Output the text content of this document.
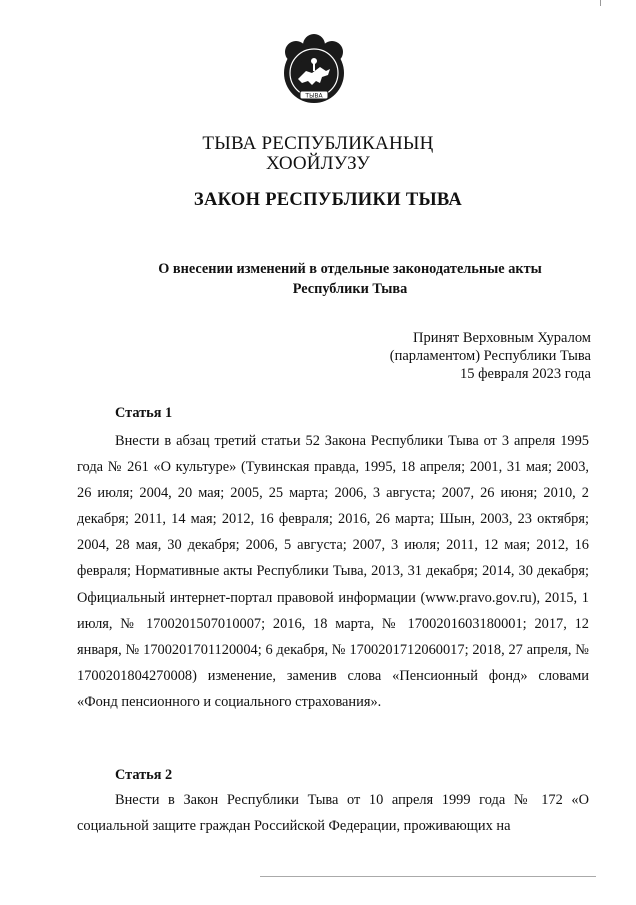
ТЫВА
ТЫВА РЕСПУБЛИКАНЫҢ
ХООЙЛУЗУ
ЗАКОН РЕСПУБЛИКИ ТЫВА
О внесении изменений в отдельные законодательные акты
Республики Тыва
Принят Верховным Хуралом
(парламентом) Республики Тыва
15 февраля 2023 года
Статья 1

Внести в абзац третий статьи 52 Закона Республики Тыва от 3 апреля 1995 года № 261 «О культуре» (Тувинская правда, 1995, 18 апреля; 2001, 31 мая; 2003, 26 июля; 2004, 20 мая; 2005, 25 марта; 2006, 3 августа; 2007, 26 июня; 2010, 2 декабря; 2011, 14 мая; 2012, 16 февраля; 2016, 26 марта; Шын, 2003, 23 октября; 2004, 28 мая, 30 декабря; 2006, 5 августа; 2007, 3 июля; 2011, 12 мая; 2012, 16 февраля; Нормативные акты Республики Тыва, 2013, 31 декабря; 2014, 30 декабря; Официальный интернет-портал правовой информации (www.pravo.gov.ru), 2015, 1 июля, № 1700201507010007; 2016, 18 марта, № 1700201603180001; 2017, 12 января, № 1700201701120004; 6 декабря, № 1700201712060017; 2018, 27 апреля, № 1700201804270008) изменение, заменив слова «Пенсионный фонд» словами «Фонд пенсионного и социального страхования».

Статья 2

Внести в Закон Республики Тыва от 10 апреля 1999 года № 172 «О социальной защите граждан Российской Федерации, проживающих на
